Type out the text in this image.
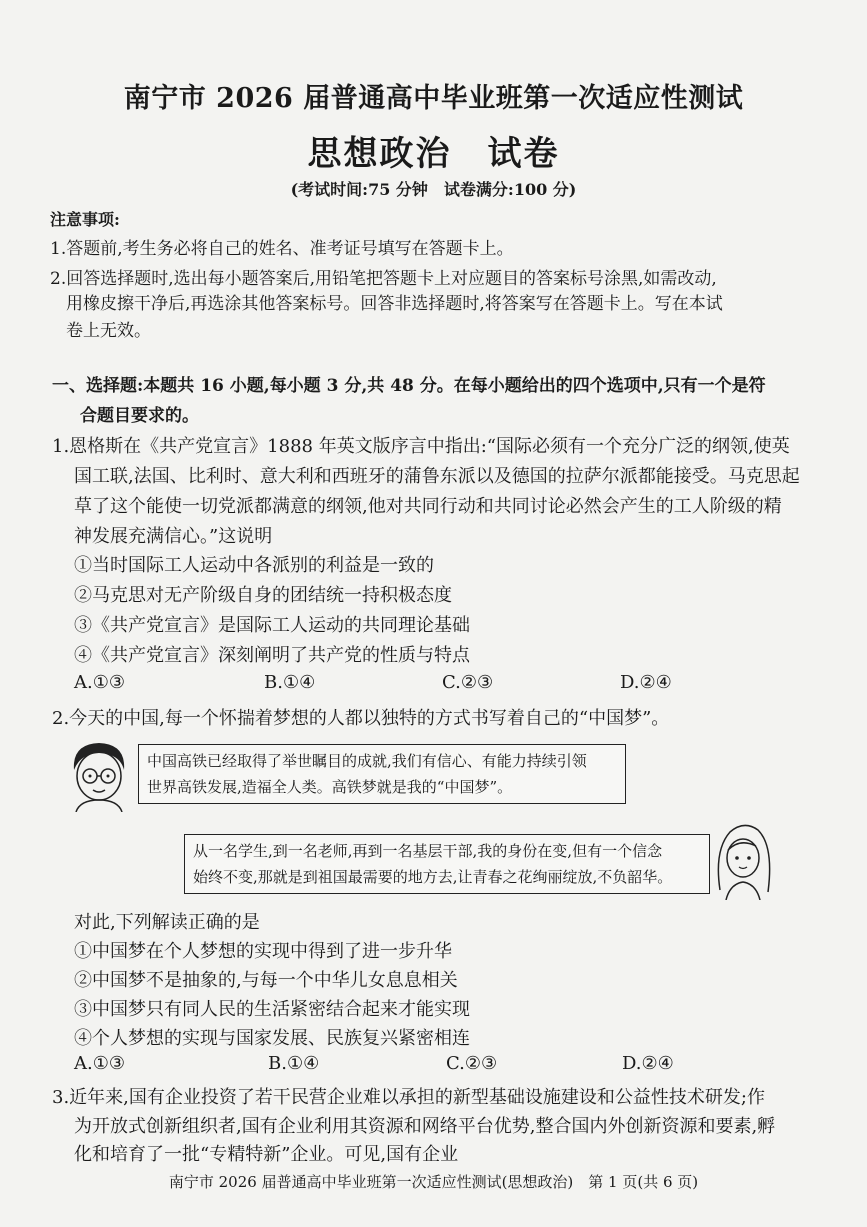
南宁市 2026 届普通高中毕业班第一次适应性测试
思想政治　试卷
(考试时间:75 分钟　试卷满分:100 分)
注意事项:
1.答题前,考生务必将自己的姓名、准考证号填写在答题卡上。
2.回答选择题时,选出每小题答案后,用铅笔把答题卡上对应题目的答案标号涂黑,如需改动,
用橡皮擦干净后,再选涂其他答案标号。回答非选择题时,将答案写在答题卡上。写在本试
卷上无效。
一、选择题:本题共 16 小题,每小题 3 分,共 48 分。在每小题给出的四个选项中,只有一个是符
合题目要求的。
1.恩格斯在《共产党宣言》1888 年英文版序言中指出:“国际必须有一个充分广泛的纲领,使英
国工联,法国、比利时、意大利和西班牙的蒲鲁东派以及德国的拉萨尔派都能接受。马克思起
草了这个能使一切党派都满意的纲领,他对共同行动和共同讨论必然会产生的工人阶级的精
神发展充满信心。”这说明
①当时国际工人运动中各派别的利益是一致的
②马克思对无产阶级自身的团结统一持积极态度
③《共产党宣言》是国际工人运动的共同理论基础
④《共产党宣言》深刻阐明了共产党的性质与特点
A.①③	B.①④	C.②③	D.②④
2.今天的中国,每一个怀揣着梦想的人都以独特的方式书写着自己的“中国梦”。
中国高铁已经取得了举世瞩目的成就,我们有信心、有能力持续引领
世界高铁发展,造福全人类。高铁梦就是我的“中国梦”。
从一名学生,到一名老师,再到一名基层干部,我的身份在变,但有一个信念
始终不变,那就是到祖国最需要的地方去,让青春之花绚丽绽放,不负韶华。
对此,下列解读正确的是
①中国梦在个人梦想的实现中得到了进一步升华
②中国梦不是抽象的,与每一个中华儿女息息相关
③中国梦只有同人民的生活紧密结合起来才能实现
④个人梦想的实现与国家发展、民族复兴紧密相连
A.①③	B.①④	C.②③	D.②④
3.近年来,国有企业投资了若干民营企业难以承担的新型基础设施建设和公益性技术研发;作
为开放式创新组织者,国有企业利用其资源和网络平台优势,整合国内外创新资源和要素,孵
化和培育了一批“专精特新”企业。可见,国有企业
南宁市 2026 届普通高中毕业班第一次适应性测试(思想政治)　第 1 页(共 6 页)
